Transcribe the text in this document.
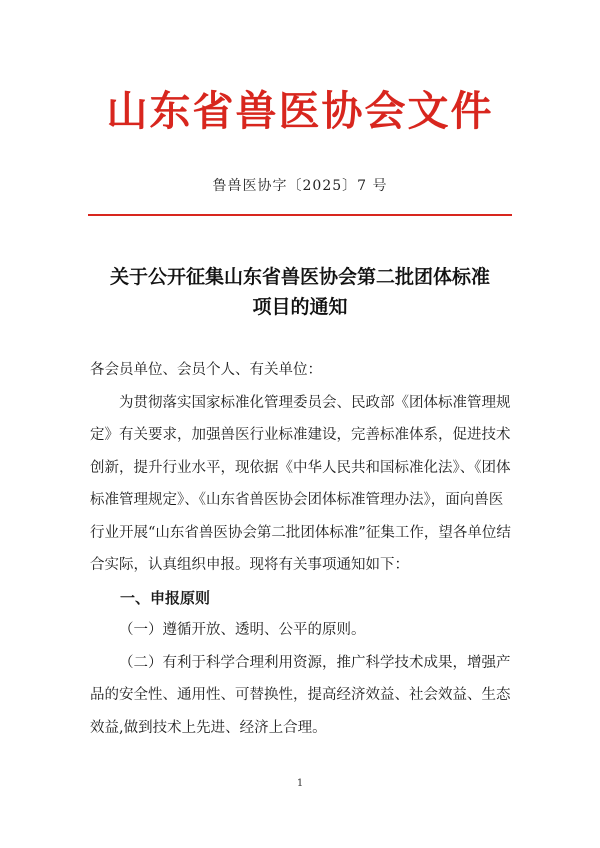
山东省兽医协会文件
鲁兽医协字〔2025〕7 号
关于公开征集山东省兽医协会第二批团体标准
项目的通知

各会员单位、会员个人、有关单位：

为贯彻落实国家标准化管理委员会、民政部《团体标准管理规定》有关要求，加强兽医行业标准建设，完善标准体系，促进技术创新，提升行业水平，现依据《中华人民共和国标准化法》、《团体标准管理规定》、《山东省兽医协会团体标准管理办法》，面向兽医行业开展“山东省兽医协会第二批团体标准”征集工作，望各单位结合实际，认真组织申报。现将有关事项通知如下：

一、申报原则

（一）遵循开放、透明、公平的原则。

（二）有利于科学合理利用资源，推广科学技术成果，增强产品的安全性、通用性、可替换性，提高经济效益、社会效益、生态效益,做到技术上先进、经济上合理。

1
